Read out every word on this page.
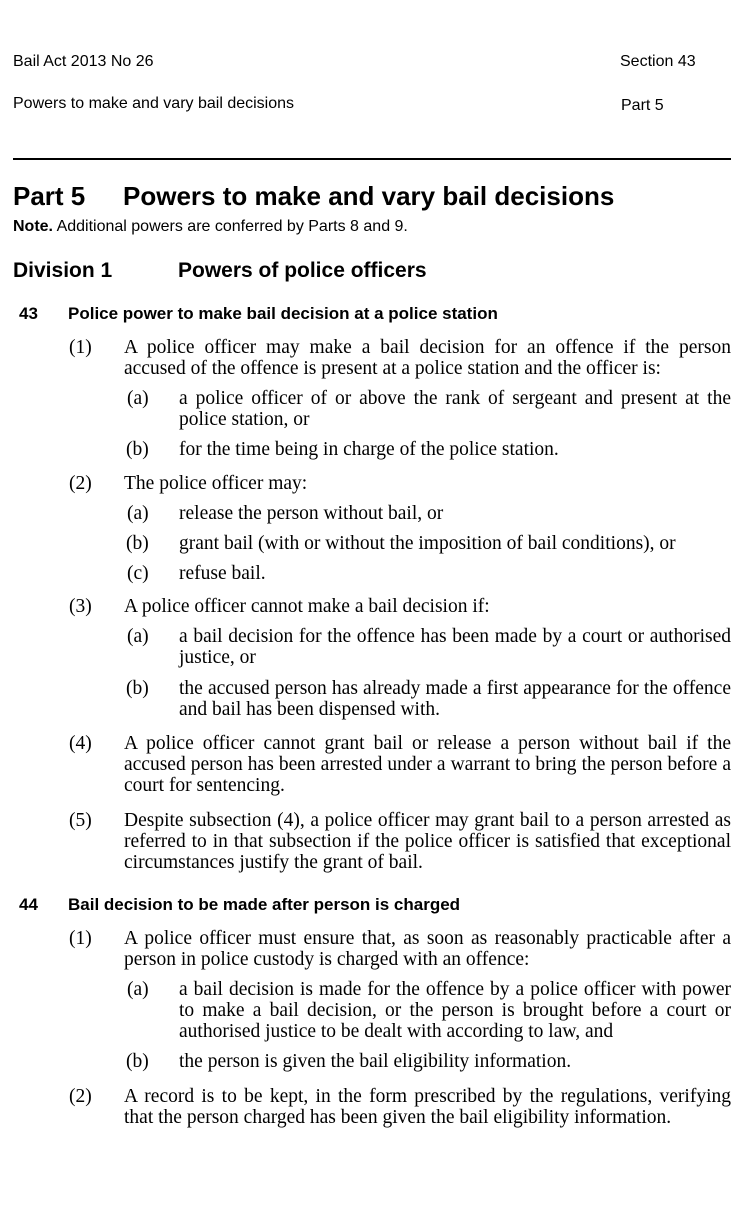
Bail Act 2013 No 26	Section 43
Powers to make and vary bail decisions	Part 5
Part 5 Powers to make and vary bail decisions
Note. Additional powers are conferred by Parts 8 and 9.
Division 1	Powers of police officers
43 Police power to make bail decision at a police station
(1) A police officer may make a bail decision for an offence if the person accused of the offence is present at a police station and the officer is:
(a) a police officer of or above the rank of sergeant and present at the police station, or
(b) for the time being in charge of the police station.
(2) The police officer may:
(a) release the person without bail, or
(b) grant bail (with or without the imposition of bail conditions), or
(c) refuse bail.
(3) A police officer cannot make a bail decision if:
(a) a bail decision for the offence has been made by a court or authorised justice, or
(b) the accused person has already made a first appearance for the offence and bail has been dispensed with.
(4) A police officer cannot grant bail or release a person without bail if the accused person has been arrested under a warrant to bring the person before a court for sentencing.
(5) Despite subsection (4), a police officer may grant bail to a person arrested as referred to in that subsection if the police officer is satisfied that exceptional circumstances justify the grant of bail.
44 Bail decision to be made after person is charged
(1) A police officer must ensure that, as soon as reasonably practicable after a person in police custody is charged with an offence:
(a) a bail decision is made for the offence by a police officer with power to make a bail decision, or the person is brought before a court or authorised justice to be dealt with according to law, and
(b) the person is given the bail eligibility information.
(2) A record is to be kept, in the form prescribed by the regulations, verifying that the person charged has been given the bail eligibility information.
